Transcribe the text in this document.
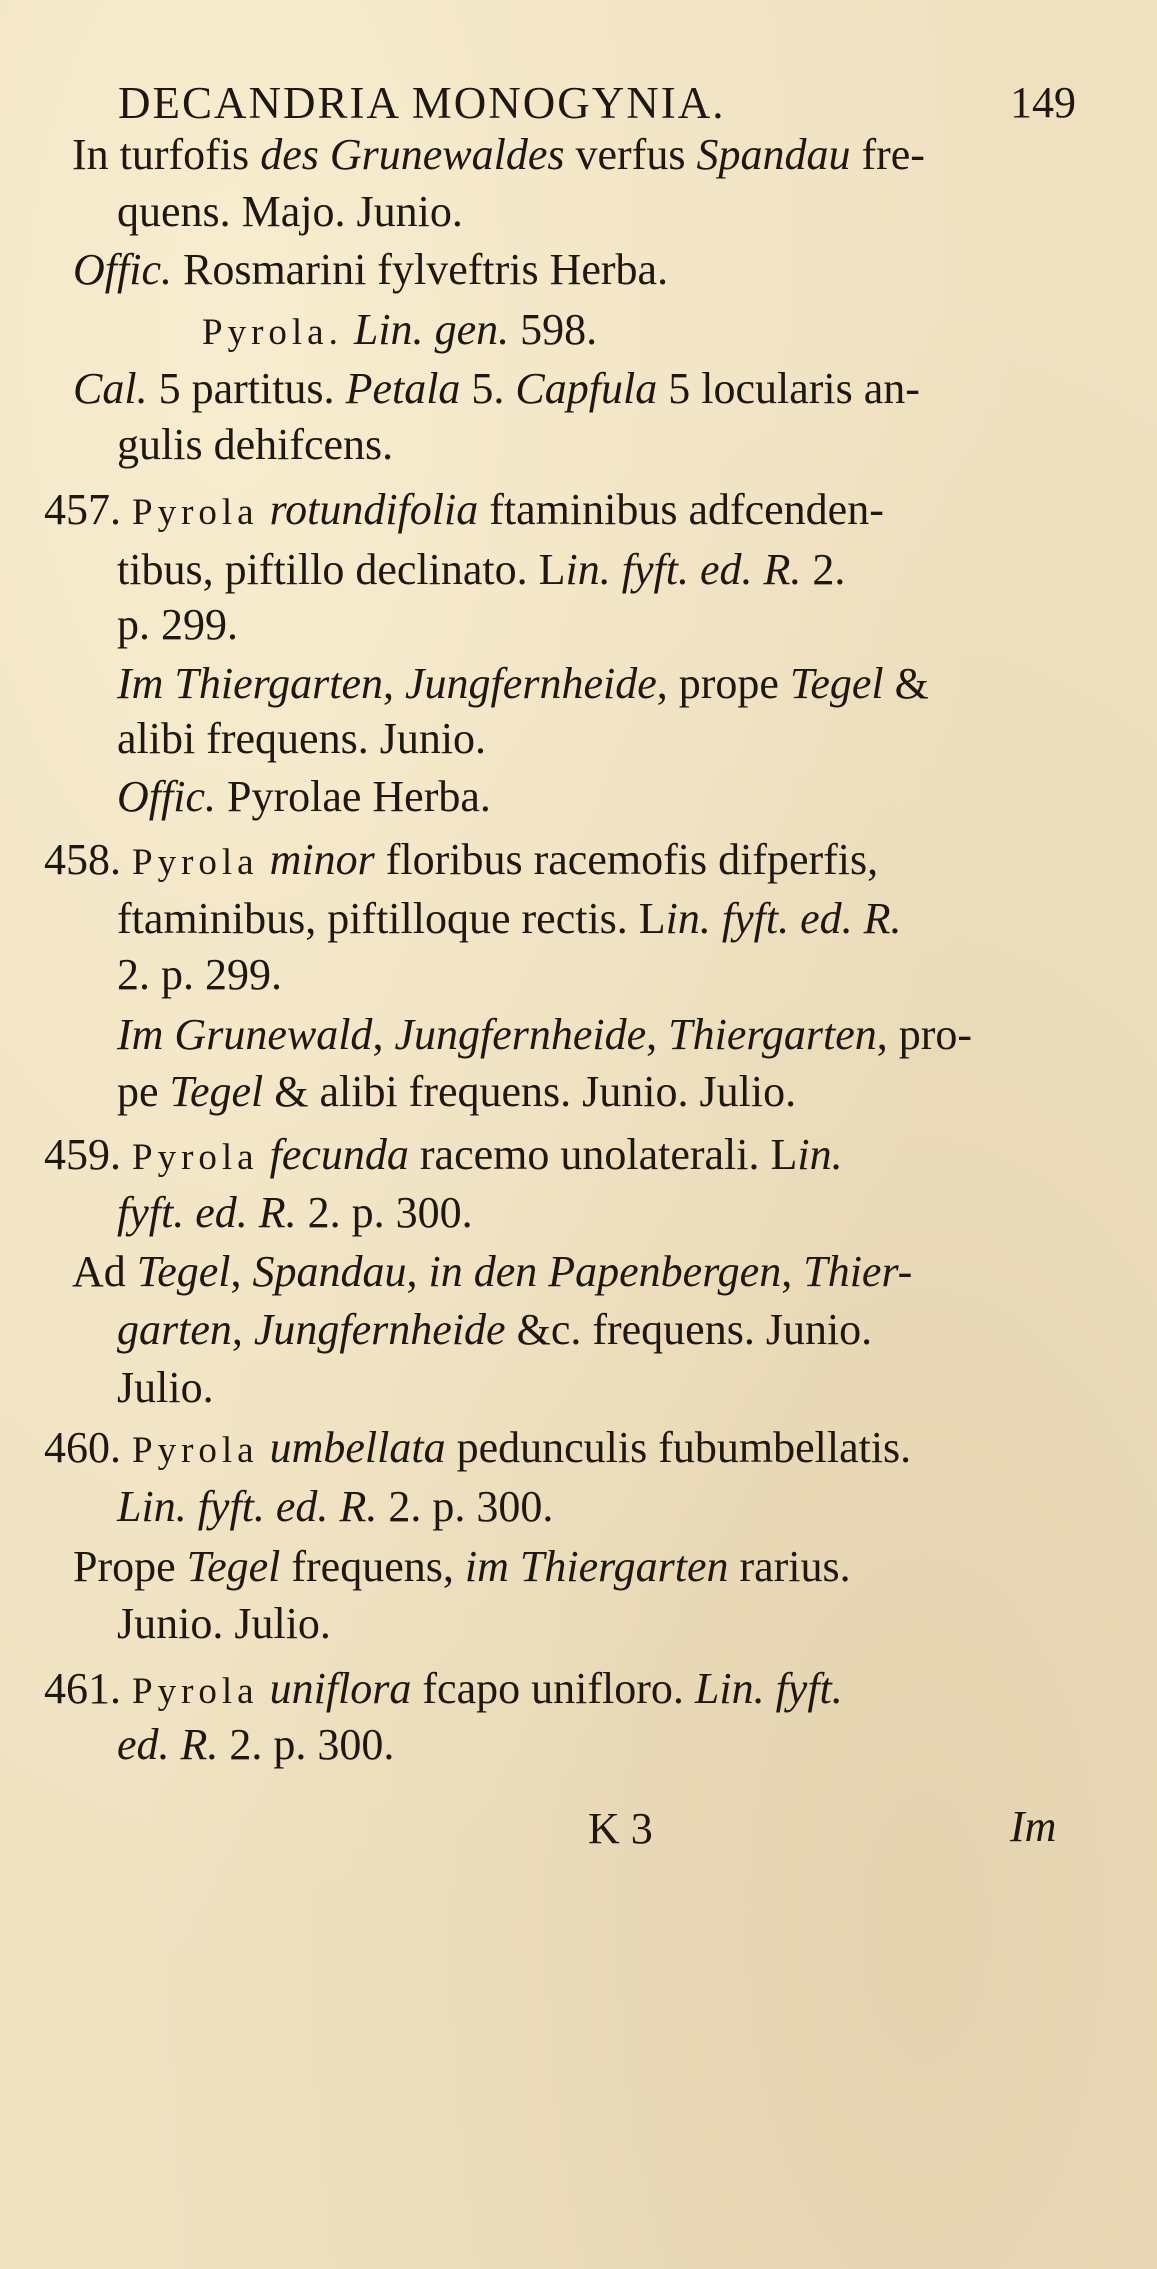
DECANDRIA MONOGYNIA.	149
In turfofis des Grunewaldes verfus Spandau fre-
quens. Majo. Junio.
Offic. Rosmarini fylveftris Herba.
Pyrola. Lin. gen. 598.
Cal. 5 partitus. Petala 5. Capfula 5 locularis an-
gulis dehifcens.
457. Pyrola rotundifolia ftaminibus adfcenden-
tibus, piftillo declinato. Lin. fyft. ed. R. 2.
p. 299.
Im Thiergarten, Jungfernheide, prope Tegel &
alibi frequens. Junio.
Offic. Pyrolae Herba.
458. Pyrola minor floribus racemofis difperfis,
ftaminibus, piftilloque rectis. Lin. fyft. ed. R.
2. p. 299.
Im Grunewald, Jungfernheide, Thiergarten, pro-
pe Tegel & alibi frequens. Junio. Julio.
459. Pyrola fecunda racemo unolaterali. Lin.
fyft. ed. R. 2. p. 300.
Ad Tegel, Spandau, in den Papenbergen, Thier-
garten, Jungfernheide &c. frequens. Junio.
Julio.
460. Pyrola umbellata pedunculis fubumbellatis.
Lin. fyft. ed. R. 2. p. 300.
Prope Tegel frequens, im Thiergarten rarius.
Junio. Julio.
461. Pyrola uniflora fcapo unifloro. Lin. fyft.
ed. R. 2. p. 300.
K 3	Im
